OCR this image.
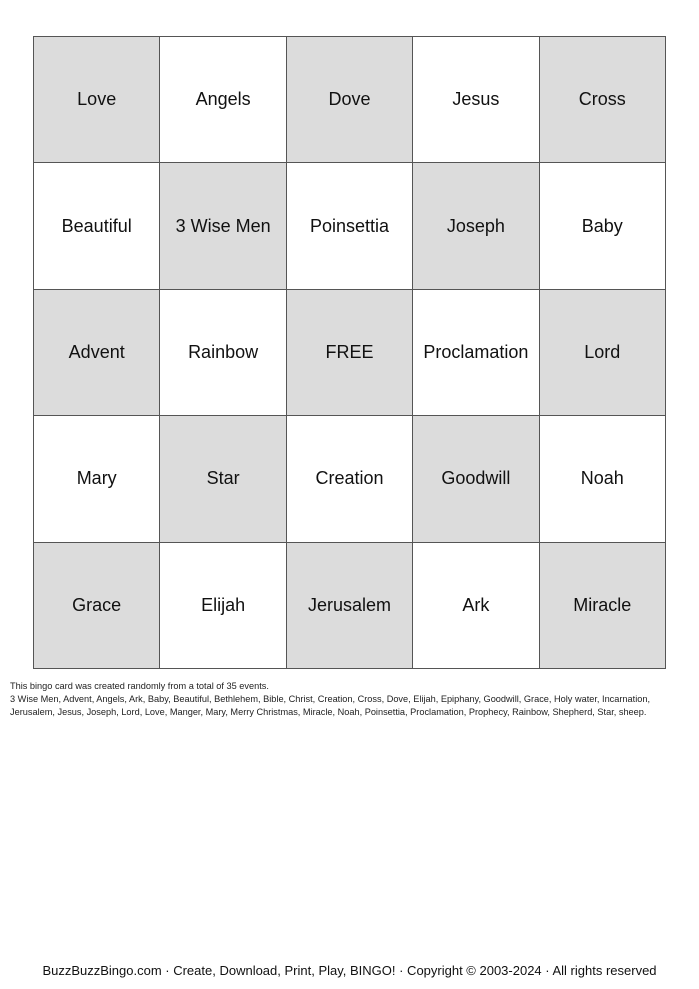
Love	Angels	Dove	Jesus	Cross
Beautiful	3 Wise Men	Poinsettia	Joseph	Baby
Advent	Rainbow	FREE	Proclamation	Lord
Mary	Star	Creation	Goodwill	Noah
Grace	Elijah	Jerusalem	Ark	Miracle

This bingo card was created randomly from a total of 35 events.

3 Wise Men, Advent, Angels, Ark, Baby, Beautiful, Bethlehem, Bible, Christ, Creation, Cross, Dove, Elijah, Epiphany, Goodwill, Grace, Holy water, Incarnation,

Jerusalem, Jesus, Joseph, Lord, Love, Manger, Mary, Merry Christmas, Miracle, Noah, Poinsettia, Proclamation, Prophecy, Rainbow, Shepherd, Star, sheep.

BuzzBuzzBingo.com · Create, Download, Print, Play, BINGO! · Copyright © 2003-2024 · All rights reserved
